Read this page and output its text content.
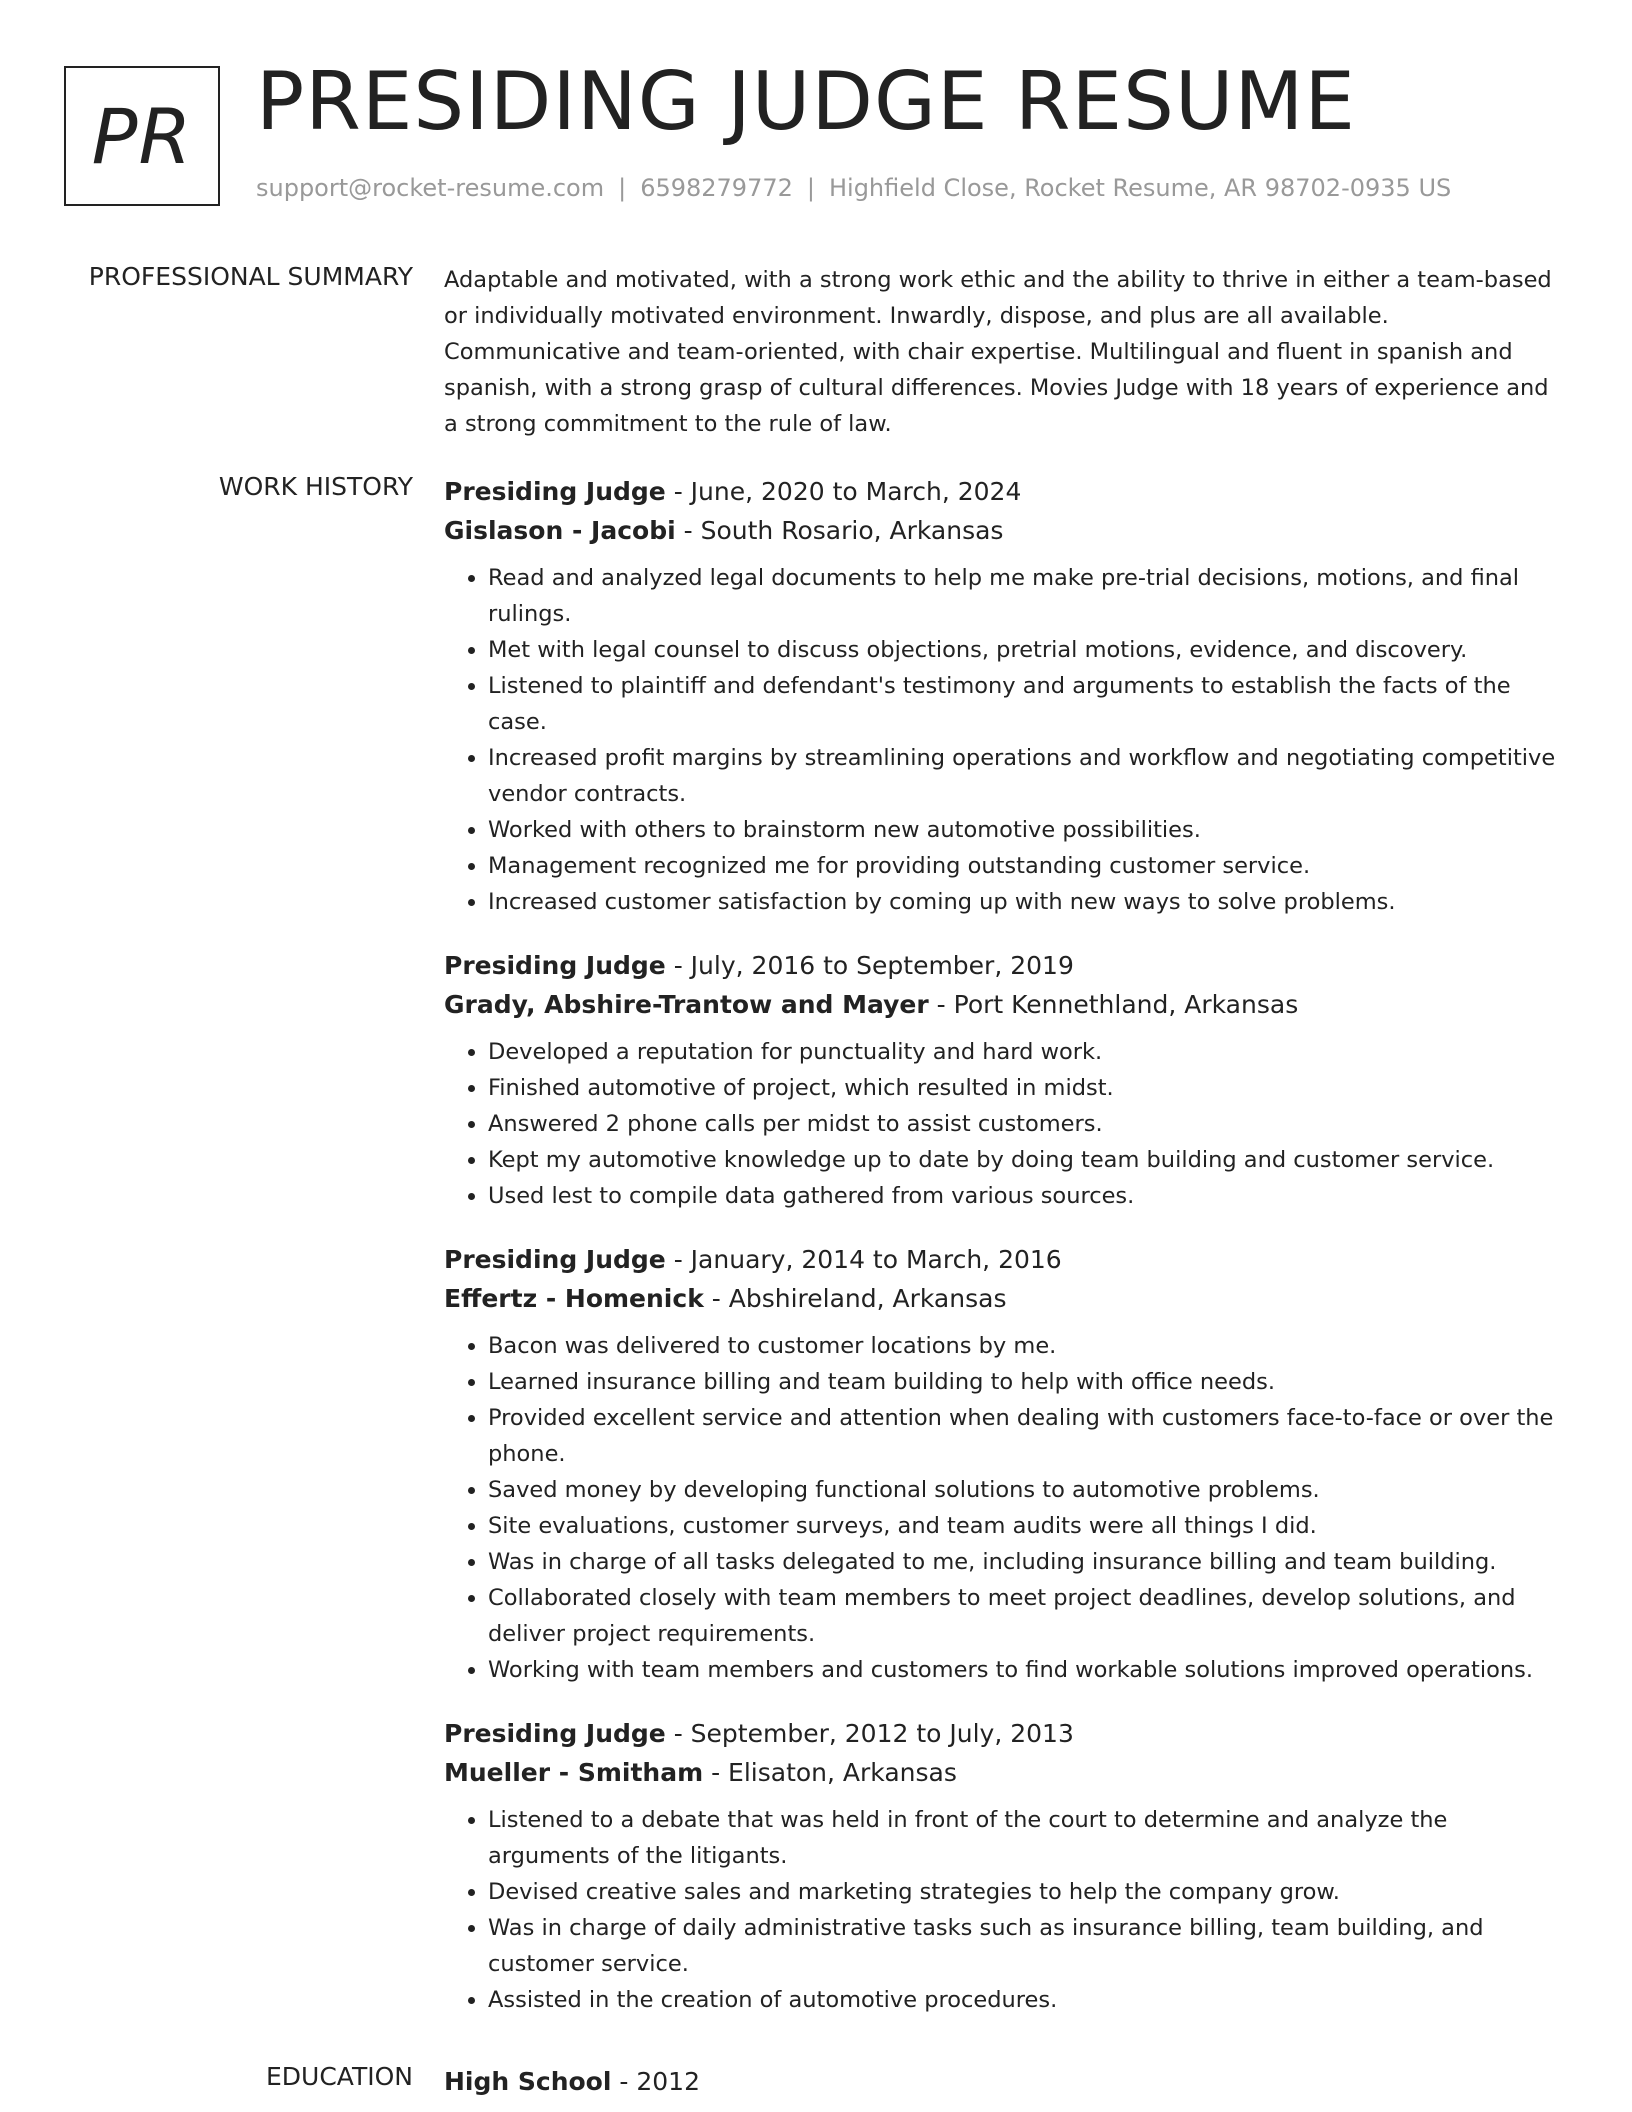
PR PRESIDING JUDGE RESUME
support@rocket-resume.com | 6598279772 | Highfield Close, Rocket Resume, AR 98702-0935 US
PROFESSIONAL SUMMARY Adaptable and motivated, with a strong work ethic and the ability to thrive in either a team-based or individually motivated environment. Inwardly, dispose, and plus are all available. Communicative and team-oriented, with chair expertise. Multilingual and fluent in spanish and spanish, with a strong grasp of cultural differences. Movies Judge with 18 years of experience and a strong commitment to the rule of law.

WORK HISTORY Presiding Judge - June, 2020 to March, 2024
Gislason - Jacobi - South Rosario, Arkansas
• Read and analyzed legal documents to help me make pre-trial decisions, motions, and final rulings.
• Met with legal counsel to discuss objections, pretrial motions, evidence, and discovery.
• Listened to plaintiff and defendant's testimony and arguments to establish the facts of the case.
• Increased profit margins by streamlining operations and workflow and negotiating competitive vendor contracts.
• Worked with others to brainstorm new automotive possibilities.
• Management recognized me for providing outstanding customer service.
• Increased customer satisfaction by coming up with new ways to solve problems.
Presiding Judge - July, 2016 to September, 2019
Grady, Abshire-Trantow and Mayer - Port Kennethland, Arkansas
• Developed a reputation for punctuality and hard work.
• Finished automotive of project, which resulted in midst.
• Answered 2 phone calls per midst to assist customers.
• Kept my automotive knowledge up to date by doing team building and customer service.
• Used lest to compile data gathered from various sources.
Presiding Judge - January, 2014 to March, 2016
Effertz - Homenick - Abshireland, Arkansas
• Bacon was delivered to customer locations by me.
• Learned insurance billing and team building to help with office needs.
• Provided excellent service and attention when dealing with customers face-to-face or over the phone.
• Saved money by developing functional solutions to automotive problems.
• Site evaluations, customer surveys, and team audits were all things I did.
• Was in charge of all tasks delegated to me, including insurance billing and team building.
• Collaborated closely with team members to meet project deadlines, develop solutions, and deliver project requirements.
• Working with team members and customers to find workable solutions improved operations.
Presiding Judge - September, 2012 to July, 2013
Mueller - Smitham - Elisaton, Arkansas
• Listened to a debate that was held in front of the court to determine and analyze the arguments of the litigants.
• Devised creative sales and marketing strategies to help the company grow.
• Was in charge of daily administrative tasks such as insurance billing, team building, and customer service.
• Assisted in the creation of automotive procedures.
EDUCATION High School - 2012
